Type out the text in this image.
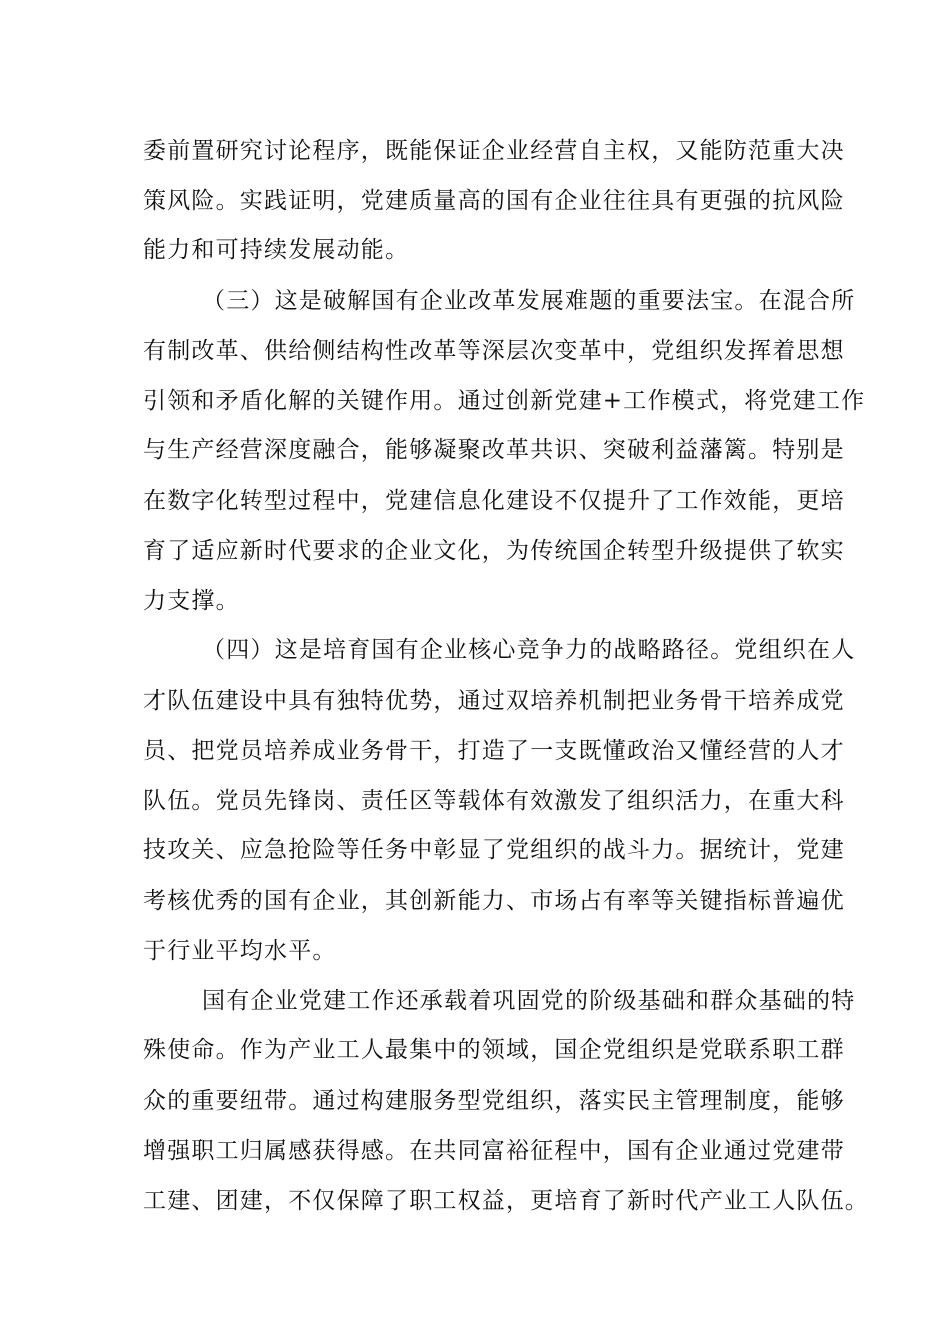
委前置研究讨论程序，既能保证企业经营自主权，又能防范重大决

策风险。实践证明，党建质量高的国有企业往往具有更强的抗风险

能力和可持续发展动能。

（三）这是破解国有企业改革发展难题的重要法宝。在混合所

有制改革、供给侧结构性改革等深层次变革中，党组织发挥着思想

引领和矛盾化解的关键作用。通过创新党建+工作模式，将党建工作

与生产经营深度融合，能够凝聚改革共识、突破利益藩篱。特别是

在数字化转型过程中，党建信息化建设不仅提升了工作效能，更培

育了适应新时代要求的企业文化，为传统国企转型升级提供了软实

力支撑。

（四）这是培育国有企业核心竞争力的战略路径。党组织在人

才队伍建设中具有独特优势，通过双培养机制把业务骨干培养成党

员、把党员培养成业务骨干，打造了一支既懂政治又懂经营的人才

队伍。党员先锋岗、责任区等载体有效激发了组织活力，在重大科

技攻关、应急抢险等任务中彰显了党组织的战斗力。据统计，党建

考核优秀的国有企业，其创新能力、市场占有率等关键指标普遍优

于行业平均水平。

国有企业党建工作还承载着巩固党的阶级基础和群众基础的特

殊使命。作为产业工人最集中的领域，国企党组织是党联系职工群

众的重要纽带。通过构建服务型党组织，落实民主管理制度，能够

增强职工归属感获得感。在共同富裕征程中，国有企业通过党建带

工建、团建，不仅保障了职工权益，更培育了新时代产业工人队伍。
